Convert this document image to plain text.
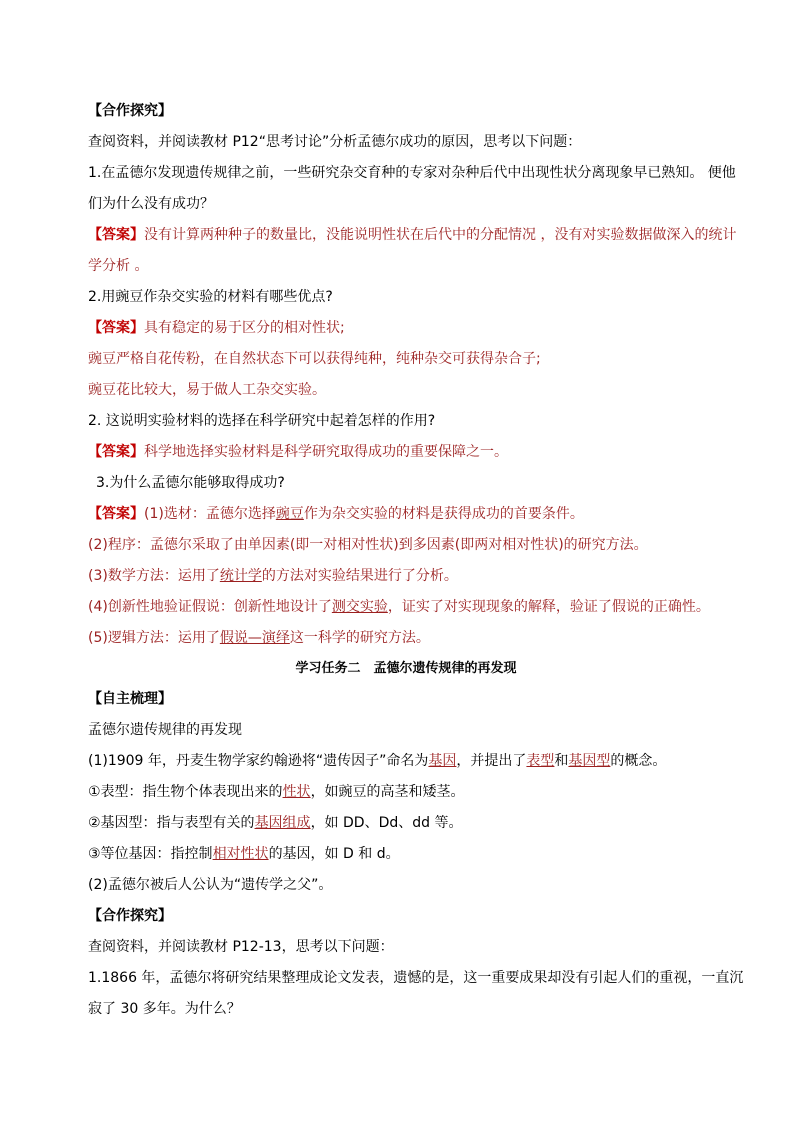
【合作探究】
查阅资料，并阅读教材 P12“思考讨论”分析孟德尔成功的原因，思考以下问题：
1.在孟德尔发现遗传规律之前，一些研究杂交育种的专家对杂种后代中出现性状分离现象早已熟知。 便他
们为什么没有成功？
【答案】没有计算两种种子的数量比，没能说明性状在后代中的分配情况 ，没有对实验数据做深入的统计
学分析 。
2.用豌豆作杂交实验的材料有哪些优点?
【答案】具有稳定的易于区分的相对性状;
豌豆严格自花传粉，在自然状态下可以获得纯种，纯种杂交可获得杂合子;
豌豆花比较大，易于做人工杂交实验。
2. 这说明实验材料的选择在科学研究中起着怎样的作用?
【答案】科学地选择实验材料是科学研究取得成功的重要保障之一。
3.为什么孟德尔能够取得成功?
【答案】(1)选材：孟德尔选择豌豆作为杂交实验的材料是获得成功的首要条件。
(2)程序：孟德尔采取了由单因素(即一对相对性状)到多因素(即两对相对性状)的研究方法。
(3)数学方法：运用了统计学的方法对实验结果进行了分析。
(4)创新性地验证假说：创新性地设计了测交实验，证实了对实现现象的解释，验证了假说的正确性。
(5)逻辑方法：运用了假说—演绎这一科学的研究方法。
学习任务二　孟德尔遗传规律的再发现
【自主梳理】
孟德尔遗传规律的再发现
(1)1909 年，丹麦生物学家约翰逊将“遗传因子”命名为基因，并提出了表型和基因型的概念。
①表型：指生物个体表现出来的性状，如豌豆的高茎和矮茎。
②基因型：指与表型有关的基因组成，如 DD、Dd、dd 等。
③等位基因：指控制相对性状的基因，如 D 和 d。
(2)孟德尔被后人公认为“遗传学之父”。
【合作探究】
查阅资料，并阅读教材 P12-13，思考以下问题：
1.1866 年，孟德尔将研究结果整理成论文发表，遗憾的是，这一重要成果却没有引起人们的重视，一直沉
寂了 30 多年。为什么？
